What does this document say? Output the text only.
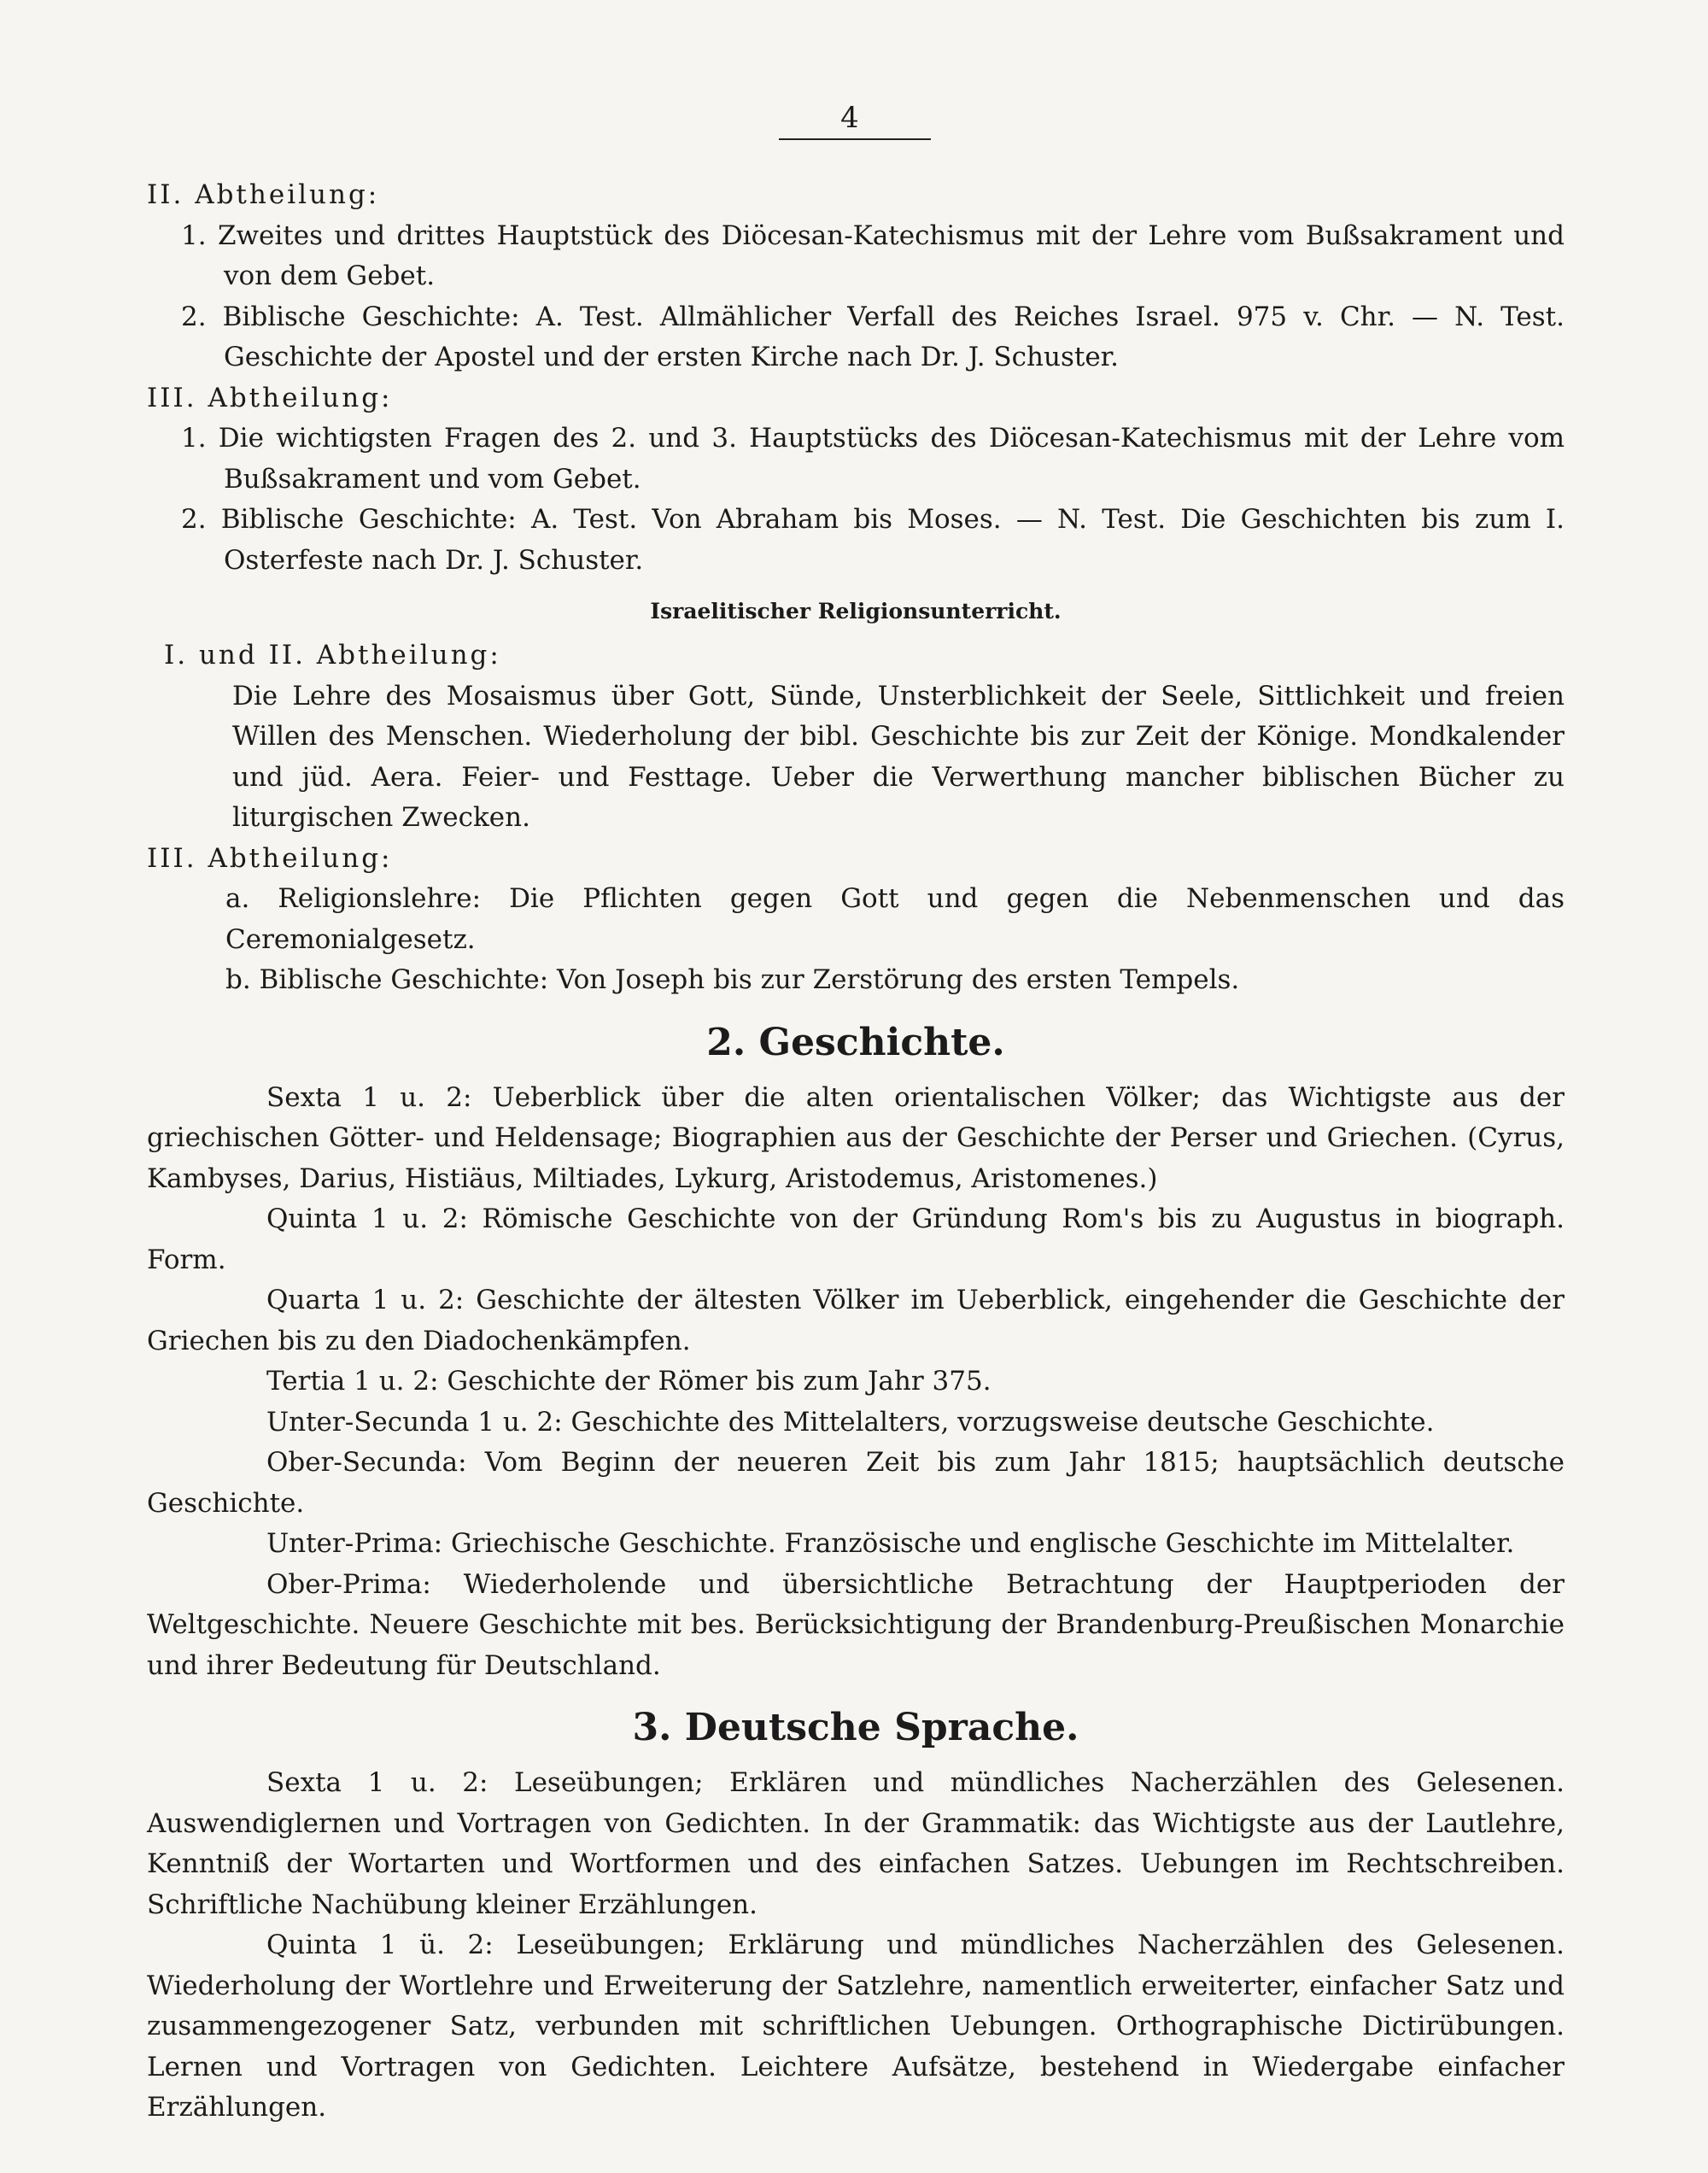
4

II. Abtheilung:

1. Zweites und drittes Hauptstück des Diöcesan-Katechismus mit der Lehre vom Bußsakrament und von dem Gebet.

2. Biblische Geschichte: A. Test. Allmählicher Verfall des Reiches Israel. 975 v. Chr. — N. Test. Geschichte der Apostel und der ersten Kirche nach Dr. J. Schuster.

III. Abtheilung:

1. Die wichtigsten Fragen des 2. und 3. Hauptstücks des Diöcesan-Katechismus mit der Lehre vom Bußsakrament und vom Gebet.

2. Biblische Geschichte: A. Test. Von Abraham bis Moses. — N. Test. Die Geschichten bis zum I. Osterfeste nach Dr. J. Schuster.

Israelitischer Religionsunterricht.

I. und II. Abtheilung:

Die Lehre des Mosaismus über Gott, Sünde, Unsterblichkeit der Seele, Sittlichkeit und freien Willen des Menschen. Wiederholung der bibl. Geschichte bis zur Zeit der Könige. Mondkalender und jüd. Aera. Feier- und Festtage. Ueber die Verwerthung mancher biblischen Bücher zu liturgischen Zwecken.

III. Abtheilung:

a. Religionslehre: Die Pflichten gegen Gott und gegen die Nebenmenschen und das Ceremonialgesetz.

b. Biblische Geschichte: Von Joseph bis zur Zerstörung des ersten Tempels.

2. Geschichte.

Sexta 1 u. 2: Ueberblick über die alten orientalischen Völker; das Wichtigste aus der griechischen Götter- und Heldensage; Biographien aus der Geschichte der Perser und Griechen. (Cyrus, Kambyses, Darius, Histiäus, Miltiades, Lykurg, Aristodemus, Aristomenes.)

Quinta 1 u. 2: Römische Geschichte von der Gründung Rom's bis zu Augustus in biograph. Form.

Quarta 1 u. 2: Geschichte der ältesten Völker im Ueberblick, eingehender die Geschichte der Griechen bis zu den Diadochenkämpfen.

Tertia 1 u. 2: Geschichte der Römer bis zum Jahr 375.

Unter-Secunda 1 u. 2: Geschichte des Mittelalters, vorzugsweise deutsche Geschichte.

Ober-Secunda: Vom Beginn der neueren Zeit bis zum Jahr 1815; hauptsächlich deutsche Geschichte.

Unter-Prima: Griechische Geschichte. Französische und englische Geschichte im Mittelalter.

Ober-Prima: Wiederholende und übersichtliche Betrachtung der Hauptperioden der Weltgeschichte. Neuere Geschichte mit bes. Berücksichtigung der Brandenburg-Preußischen Monarchie und ihrer Bedeutung für Deutschland.

3. Deutsche Sprache.

Sexta 1 u. 2: Leseübungen; Erklären und mündliches Nacherzählen des Gelesenen. Auswendiglernen und Vortragen von Gedichten. In der Grammatik: das Wichtigste aus der Lautlehre, Kenntniß der Wortarten und Wortformen und des einfachen Satzes. Uebungen im Rechtschreiben. Schriftliche Nachübung kleiner Erzählungen.

Quinta 1 ü. 2: Leseübungen; Erklärung und mündliches Nacherzählen des Gelesenen. Wiederholung der Wortlehre und Erweiterung der Satzlehre, namentlich erweiterter, einfacher Satz und zusammengezogener Satz, verbunden mit schriftlichen Uebungen. Orthographische Dictirübungen. Lernen und Vortragen von Gedichten. Leichtere Aufsätze, bestehend in Wiedergabe einfacher Erzählungen.
